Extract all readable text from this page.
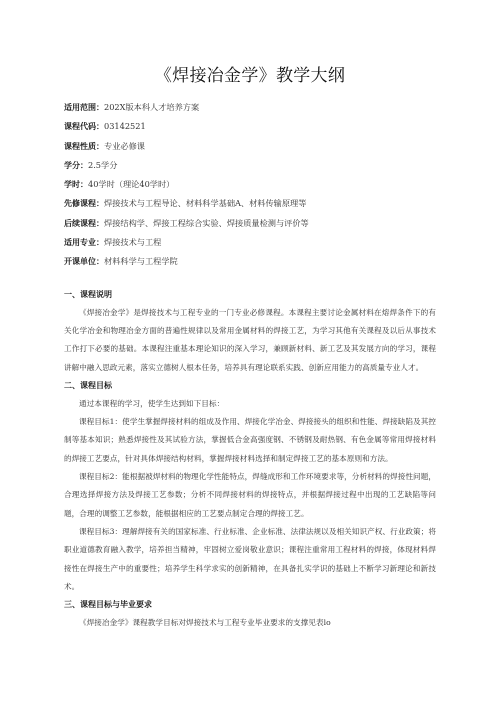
《焊接冶金学》教学大纲
适用范围：202X版本科人才培养方案
课程代码：03142521
课程性质：专业必修课
学分：2.5学分
学时：40学时（理论40学时）
先修课程：焊接技术与工程导论、材料科学基础A、材料传输原理等
后续课程：焊接结构学、焊接工程综合实验、焊接质量检测与评价等
适用专业：焊接技术与工程
开课单位：材料科学与工程学院
一、课程说明

《焊接冶金学》是焊接技术与工程专业的一门专业必修课程。本课程主要讨论金属材料在熔焊条件下的有关化学冶金和物理冶金方面的普遍性规律以及常用金属材料的焊接工艺，为学习其他有关课程及以后从事技术工作打下必要的基础。本课程注重基本理论知识的深入学习，兼顾新材料、新工艺及其发展方向的学习，课程讲解中融入思政元素，落实立德树人根本任务，培养具有理论联系实践、创新应用能力的高质量专业人才。

二、课程目标

通过本课程的学习，使学生达到如下目标：

课程目标1：使学生掌握焊接材料的组成及作用、焊接化学冶金、焊接接头的组织和性能、焊接缺陷及其控制等基本知识；熟悉焊接性及其试验方法，掌握低合金高强度钢、不锈钢及耐热钢、有色金属等常用焊接材料的焊接工艺要点，针对具体焊接结构材料，掌握焊接材料选择和制定焊接工艺的基本原则和方法。

课程目标2：能根据被焊材料的物理化学性能特点，焊缝成形和工作环境要求等，分析材料的焊接性问题，合理选择焊接方法及焊接工艺参数；分析不同焊接材料的焊接特点，并根据焊接过程中出现的工艺缺陷等问题，合理的调整工艺参数，能根据相应的工艺要点制定合理的焊接工艺。

课程目标3：理解焊接有关的国家标准、行业标准、企业标准、法律法规以及相关知识产权、行业政策；将职业道德教育融入教学，培养担当精神，牢固树立爱岗敬业意识；课程注重常用工程材料的焊接，体现材料焊接性在焊接生产中的重要性；培养学生科学求实的创新精神，在具备扎实学识的基础上不断学习新理论和新技术。

三、课程目标与毕业要求

《焊接冶金学》课程教学目标对焊接技术与工程专业毕业要求的支撑见表lo
